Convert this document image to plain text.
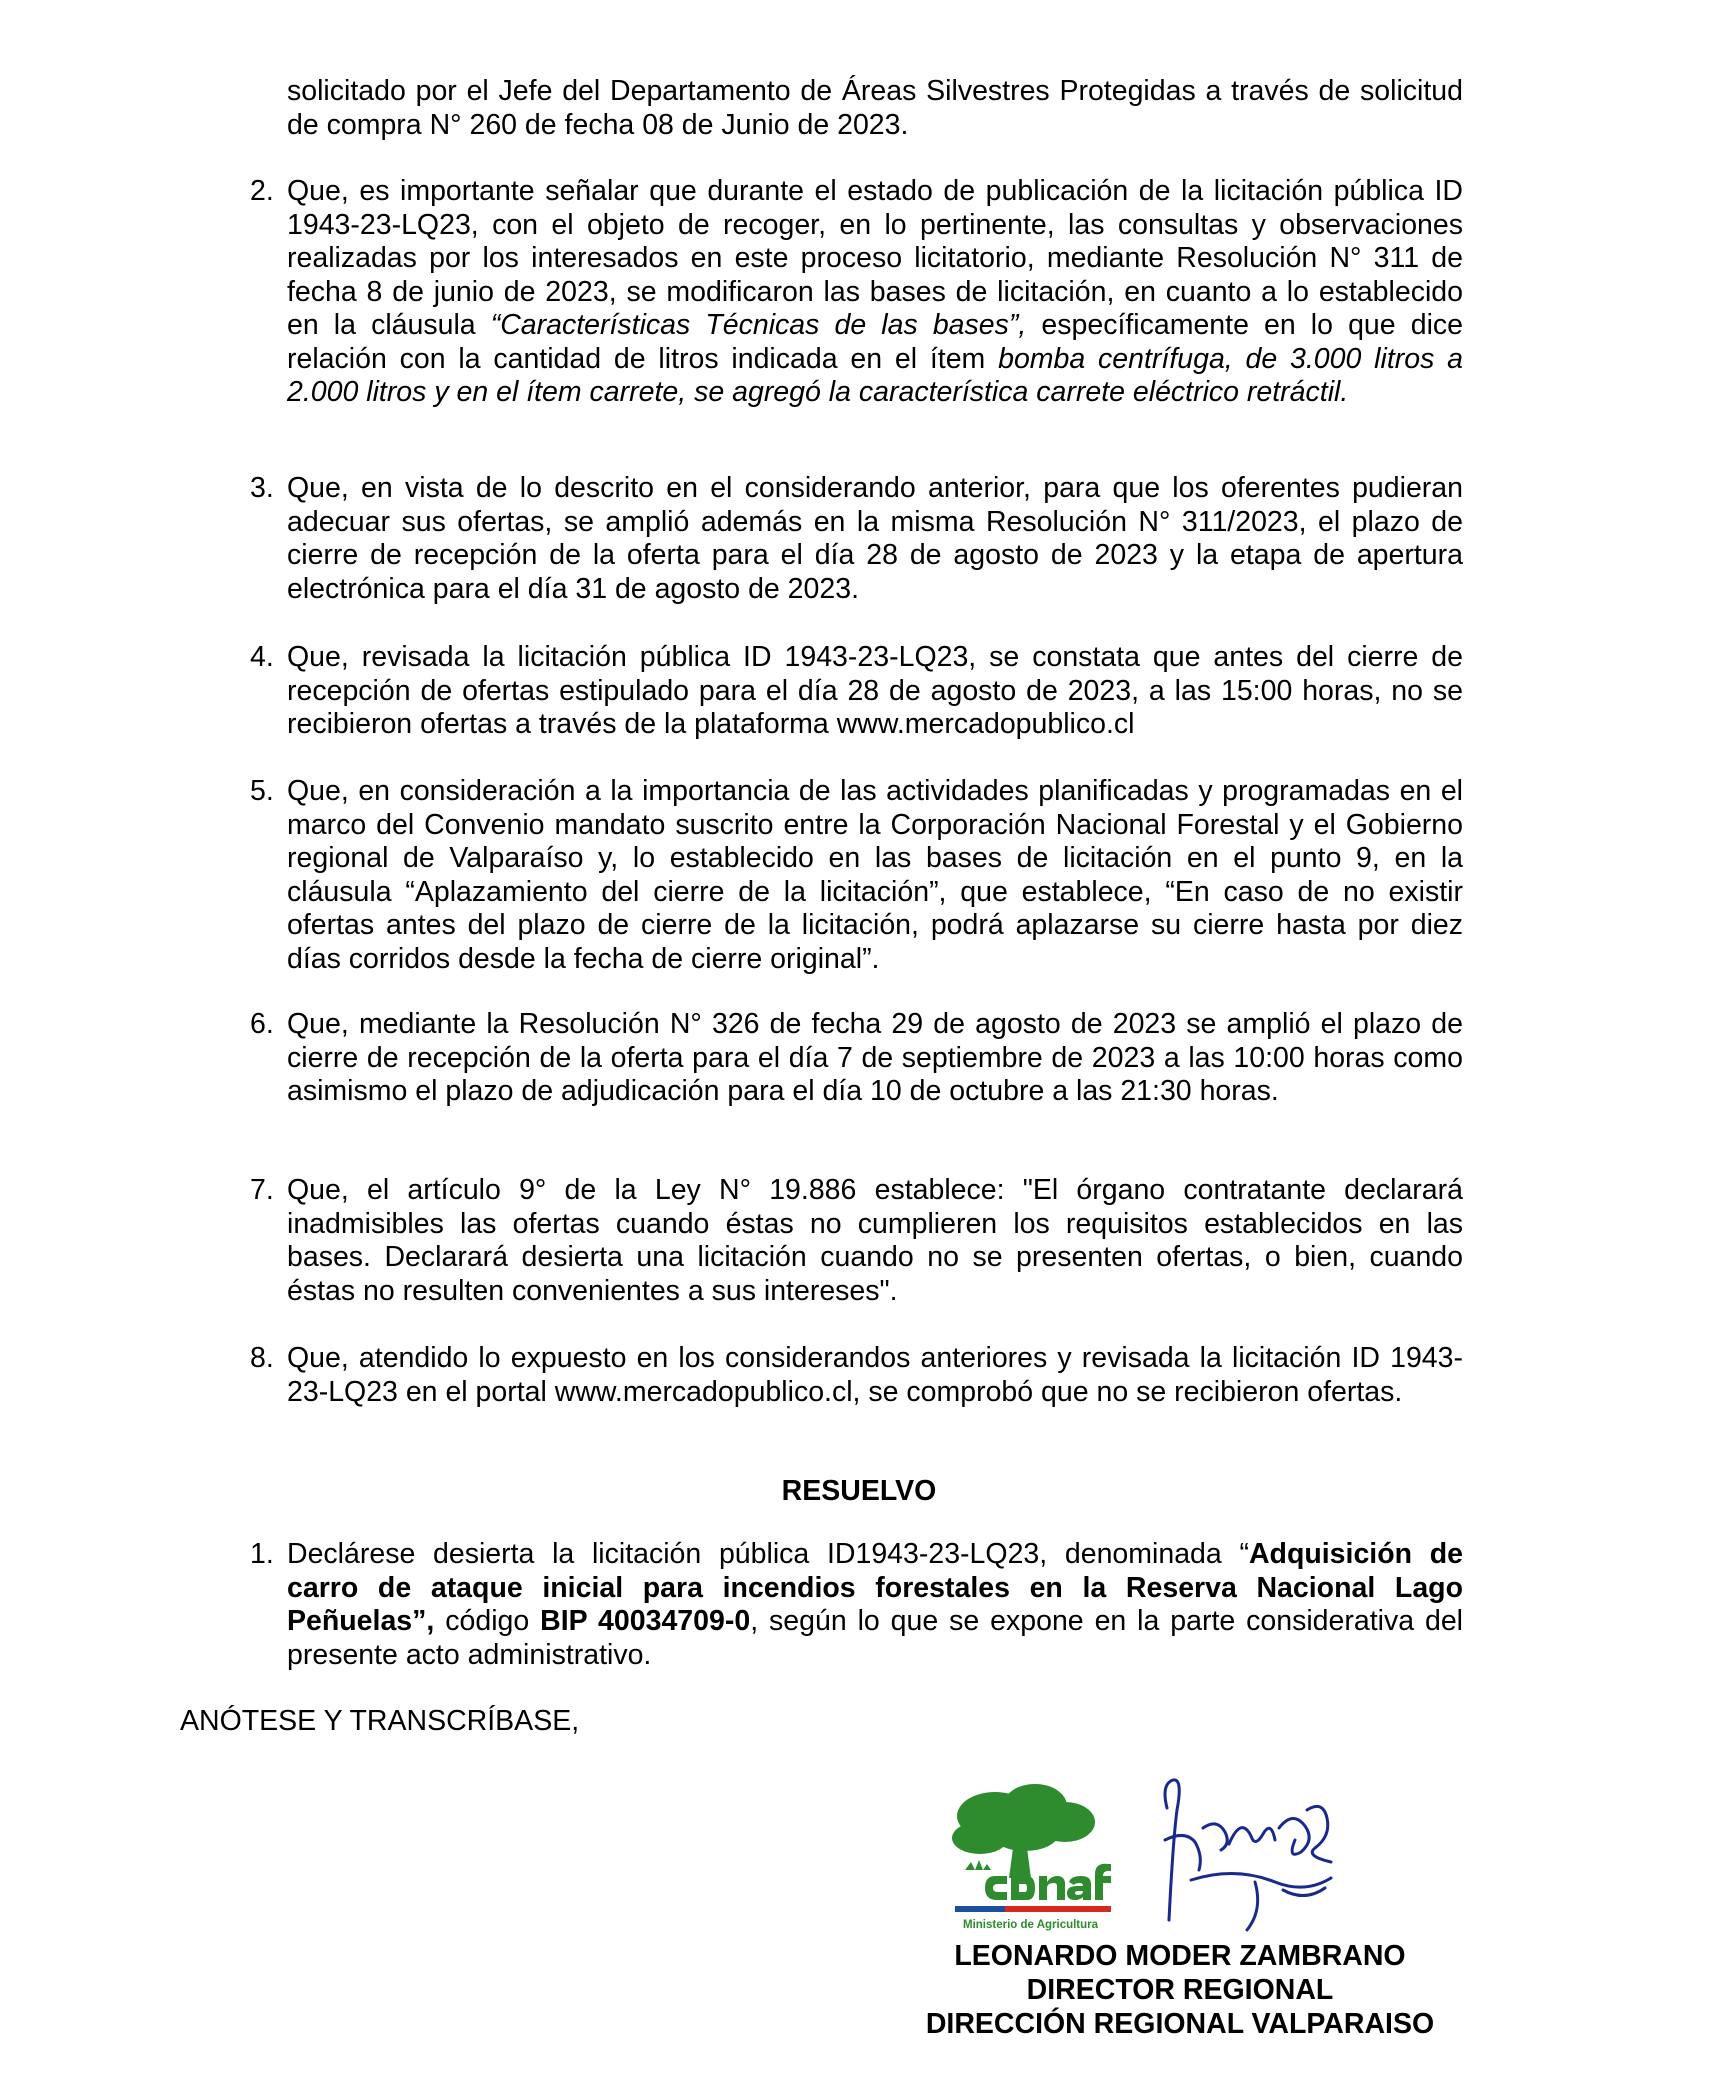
solicitado por el Jefe del Departamento de Áreas Silvestres Protegidas a través de solicitud de compra N° 260 de fecha 08 de Junio de 2023.
2. Que, es importante señalar que durante el estado de publicación de la licitación pública ID 1943-23-LQ23, con el objeto de recoger, en lo pertinente, las consultas y observaciones realizadas por los interesados en este proceso licitatorio, mediante Resolución N° 311 de fecha 8 de junio de 2023, se modificaron las bases de licitación, en cuanto a lo establecido en la cláusula “Características Técnicas de las bases”, específicamente en lo que dice relación con la cantidad de litros indicada en el ítem bomba centrífuga, de 3.000 litros a 2.000 litros y en el ítem carrete, se agregó la característica carrete eléctrico retráctil.
3. Que, en vista de lo descrito en el considerando anterior, para que los oferentes pudieran adecuar sus ofertas, se amplió además en la misma Resolución N° 311/2023, el plazo de cierre de recepción de la oferta para el día 28 de agosto de 2023 y la etapa de apertura electrónica para el día 31 de agosto de 2023.
4. Que, revisada la licitación pública ID 1943-23-LQ23, se constata que antes del cierre de recepción de ofertas estipulado para el día 28 de agosto de 2023, a las 15:00 horas, no se recibieron ofertas a través de la plataforma www.mercadopublico.cl
5. Que, en consideración a la importancia de las actividades planificadas y programadas en el marco del Convenio mandato suscrito entre la Corporación Nacional Forestal y el Gobierno regional de Valparaíso y, lo establecido en las bases de licitación en el punto 9, en la cláusula “Aplazamiento del cierre de la licitación”, que establece, “En caso de no existir ofertas antes del plazo de cierre de la licitación, podrá aplazarse su cierre hasta por diez días corridos desde la fecha de cierre original”.
6. Que, mediante la Resolución N° 326 de fecha 29 de agosto de 2023 se amplió el plazo de cierre de recepción de la oferta para el día 7 de septiembre de 2023 a las 10:00 horas como asimismo el plazo de adjudicación para el día 10 de octubre a las 21:30 horas.
7. Que, el artículo 9° de la Ley N° 19.886 establece: "El órgano contratante declarará inadmisibles las ofertas cuando éstas no cumplieren los requisitos establecidos en las bases. Declarará desierta una licitación cuando no se presenten ofertas, o bien, cuando éstas no resulten convenientes a sus intereses".
8. Que, atendido lo expuesto en los considerandos anteriores y revisada la licitación ID 1943-23-LQ23 en el portal www.mercadopublico.cl, se comprobó que no se recibieron ofertas.
RESUELVO
1. Declárese desierta la licitación pública ID1943-23-LQ23, denominada “Adquisición de carro de ataque inicial para incendios forestales en la Reserva Nacional Lago Peñuelas”, código BIP 40034709-0, según lo que se expone en la parte considerativa del presente acto administrativo.
ANÓTESE Y TRANSCRÍBASE,
Ministerio de Agricultura
LEONARDO MODER ZAMBRANO
DIRECTOR REGIONAL
DIRECCIÓN REGIONAL VALPARAISO
